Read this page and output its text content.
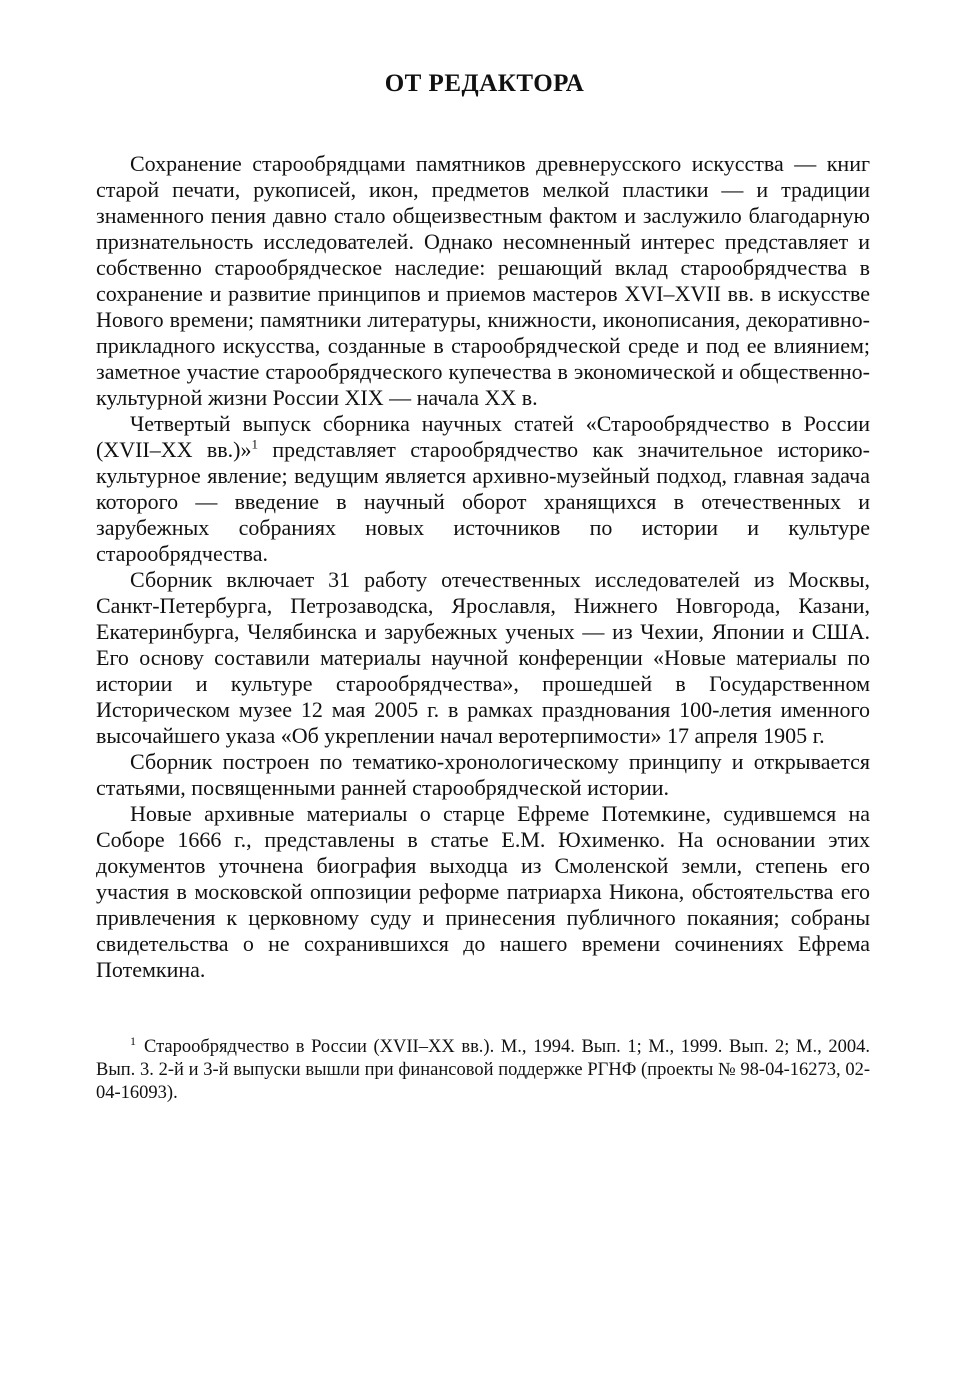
ОТ РЕДАКТОРА

Сохранение старообрядцами памятников древнерусского искусства — книг старой печати, рукописей, икон, предметов мелкой пластики — и традиции знаменного пения давно стало общеизвестным фактом и заслужило благодарную признательность исследователей. Однако несомненный интерес представляет и собственно старообрядческое наследие: решающий вклад старообрядчества в сохранение и развитие принципов и приемов мастеров XVI–XVII вв. в искусстве Нового времени; памятники литературы, книжности, иконописания, декоративно-прикладного искусства, созданные в старообрядческой среде и под ее влиянием; заметное участие старообрядческого купечества в экономической и общественно-культурной жизни России XIX — начала XX в.

Четвертый выпуск сборника научных статей «Старообрядчество в России (XVII–XX вв.)»$^1$ представляет старообрядчество как значительное историко-культурное явление; ведущим является архивно-музейный подход, главная задача которого — введение в научный оборот хранящихся в отечественных и зарубежных собраниях новых источников по истории и культуре старообрядчества.

Сборник включает 31 работу отечественных исследователей из Москвы, Санкт-Петербурга, Петрозаводска, Ярославля, Нижнего Новгорода, Казани, Екатеринбурга, Челябинска и зарубежных ученых — из Чехии, Японии и США. Его основу составили материалы научной конференции «Новые материалы по истории и культуре старообрядчества», прошедшей в Государственном Историческом музее 12 мая 2005 г. в рамках празднования 100-летия именного высочайшего указа «Об укреплении начал веротерпимости» 17 апреля 1905 г.

Сборник построен по тематико-хронологическому принципу и открывается статьями, посвященными ранней старообрядческой истории.

Новые архивные материалы о старце Ефреме Потемкине, судившемся на Соборе 1666 г., представлены в статье Е.М. Юхименко. На основании этих документов уточнена биография выходца из Смоленской земли, степень его участия в московской оппозиции реформе патриарха Никона, обстоятельства его привлечения к церковному суду и принесения публичного покаяния; собраны свидетельства о не сохранившихся до нашего времени сочинениях Ефрема Потемкина.

$^1$ Старообрядчество в России (XVII–XX вв.). М., 1994. Вып. 1; М., 1999. Вып. 2; М., 2004. Вып. 3. 2-й и 3-й выпуски вышли при финансовой поддержке РГНФ (проекты № 98-04-16273, 02-04-16093).
